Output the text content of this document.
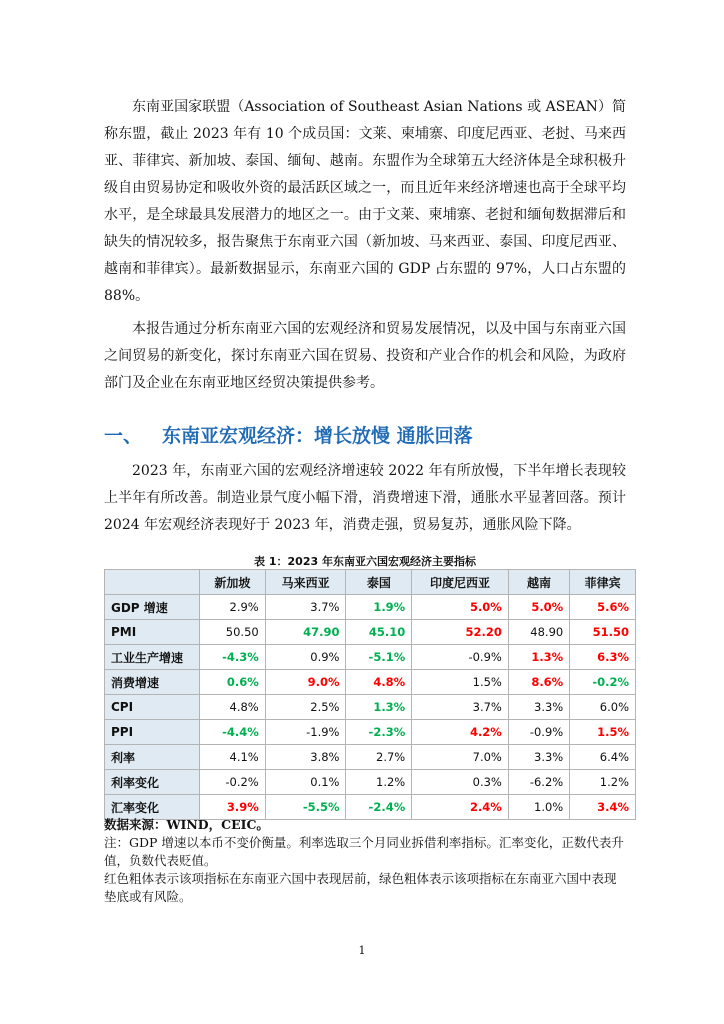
东南亚国家联盟（Association of Southeast Asian Nations 或 ASEAN）简称东盟，截止 2023 年有 10 个成员国：文莱、柬埔寨、印度尼西亚、老挝、马来西亚、菲律宾、新加坡、泰国、缅甸、越南。东盟作为全球第五大经济体是全球积极升级自由贸易协定和吸收外资的最活跃区域之一，而且近年来经济增速也高于全球平均水平，是全球最具发展潜力的地区之一。由于文莱、柬埔寨、老挝和缅甸数据滞后和缺失的情况较多，报告聚焦于东南亚六国（新加坡、马来西亚、泰国、印度尼西亚、越南和菲律宾）。最新数据显示，东南亚六国的 GDP 占东盟的 97%，人口占东盟的 88%。

本报告通过分析东南亚六国的宏观经济和贸易发展情况，以及中国与东南亚六国之间贸易的新变化，探讨东南亚六国在贸易、投资和产业合作的机会和风险，为政府部门及企业在东南亚地区经贸决策提供参考。

一、 东南亚宏观经济：增长放慢 通胀回落

2023 年，东南亚六国的宏观经济增速较 2022 年有所放慢，下半年增长表现较上半年有所改善。制造业景气度小幅下滑，消费增速下滑，通胀水平显著回落。预计 2024 年宏观经济表现好于 2023 年，消费走强，贸易复苏，通胀风险下降。

表 1：2023 年东南亚六国宏观经济主要指标
	新加坡	马来西亚	泰国	印度尼西亚	越南	菲律宾
GDP 增速	2.9%	3.7%	1.9%	5.0%	5.0%	5.6%
PMI	50.50	47.90	45.10	52.20	48.90	51.50
工业生产增速	-4.3%	0.9%	-5.1%	-0.9%	1.3%	6.3%
消费增速	0.6%	9.0%	4.8%	1.5%	8.6%	-0.2%
CPI	4.8%	2.5%	1.3%	3.7%	3.3%	6.0%
PPI	-4.4%	-1.9%	-2.3%	4.2%	-0.9%	1.5%
利率	4.1%	3.8%	2.7%	7.0%	3.3%	6.4%
利率变化	-0.2%	0.1%	1.2%	0.3%	-6.2%	1.2%
汇率变化	3.9%	-5.5%	-2.4%	2.4%	1.0%	3.4%

数据来源：WIND，CEIC。

注：GDP 增速以本币不变价衡量。利率选取三个月同业拆借利率指标。汇率变化，正数代表升值，负数代表贬值。

红色粗体表示该项指标在东南亚六国中表现居前，绿色粗体表示该项指标在东南亚六国中表现垫底或有风险。

1
